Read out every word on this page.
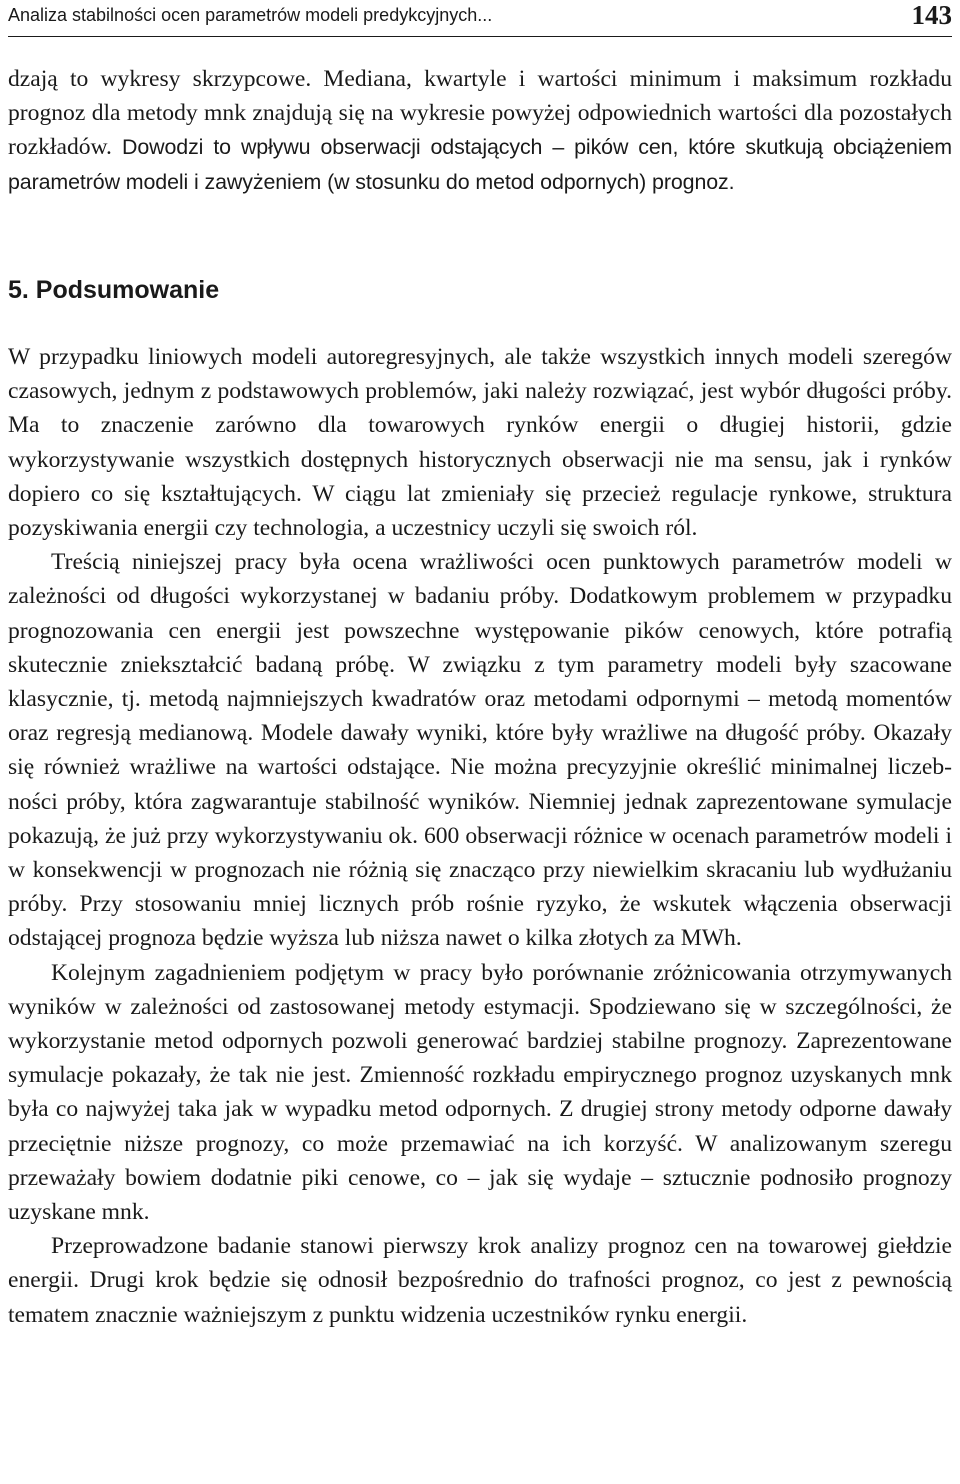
Analiza stabilności ocen parametrów modeli predykcyjnych...	143

dzają to wykresy skrzypcowe. Mediana, kwartyle i wartości minimum i maksimum rozkładu prognoz dla metody mnk znajdują się na wykresie powyżej odpowiednich wartości dla pozostałych rozkładów. Dowodzi to wpływu obserwacji odstających – pików cen, które skutkują obciążeniem parametrów modeli i zawyżeniem (w stosunku do metod odpornych) prognoz.

5. Podsumowanie

W przypadku liniowych modeli autoregresyjnych, ale także wszystkich innych modeli szeregów czasowych, jednym z podstawowych problemów, jaki należy rozwiązać, jest wybór długości próby. Ma to znaczenie zarówno dla towarowych rynków energii o długiej historii, gdzie wykorzystywanie wszystkich dostępnych historycznych obserwacji nie ma sensu, jak i rynków dopiero co się kształtujących. W ciągu lat zmieniały się przecież regulacje rynkowe, struktura pozyskiwania energii czy technologia, a uczestnicy uczyli się swoich ról.

Treścią niniejszej pracy była ocena wrażliwości ocen punktowych parametrów modeli w zależności od długości wykorzystanej w badaniu próby. Dodatkowym problemem w przypadku prognozowania cen energii jest powszechne występowanie pików cenowych, które potrafią skutecznie zniekształcić badaną próbę. W związku z tym parametry modeli były szacowane klasycznie, tj. metodą najmniejszych kwadratów oraz metodami odpornymi – metodą momentów oraz regresją medianową. Modele dawały wyniki, które były wrażliwe na długość próby. Okazały się również wrażliwe na wartości odstające. Nie można precyzyjnie określić minimalnej liczebności próby, która zagwarantuje stabilność wyników. Niemniej jednak zaprezentowane symulacje pokazują, że już przy wykorzystywaniu ok. 600 obserwacji różnice w ocenach parametrów modeli i w konsekwencji w prognozach nie różnią się znacząco przy niewielkim skracaniu lub wydłużaniu próby. Przy stosowaniu mniej licznych prób rośnie ryzyko, że wskutek włączenia obserwacji odstającej prognoza będzie wyższa lub niższa nawet o kilka złotych za MWh.

Kolejnym zagadnieniem podjętym w pracy było porównanie zróżnicowania otrzymywanych wyników w zależności od zastosowanej metody estymacji. Spodziewano się w szczególności, że wykorzystanie metod odpornych pozwoli generować bardziej stabilne prognozy. Zaprezentowane symulacje pokazały, że tak nie jest. Zmienność rozkładu empirycznego prognoz uzyskanych mnk była co najwyżej taka jak w wypadku metod odpornych. Z drugiej strony metody odporne dawały przeciętnie niższe prognozy, co może przemawiać na ich korzyść. W analizowanym szeregu przeważały bowiem dodatnie piki cenowe, co – jak się wydaje – sztucznie podnosiło prognozy uzyskane mnk.

Przeprowadzone badanie stanowi pierwszy krok analizy prognoz cen na towarowej giełdzie energii. Drugi krok będzie się odnosił bezpośrednio do trafności prognoz, co jest z pewnością tematem znacznie ważniejszym z punktu widzenia uczestników rynku energii.
